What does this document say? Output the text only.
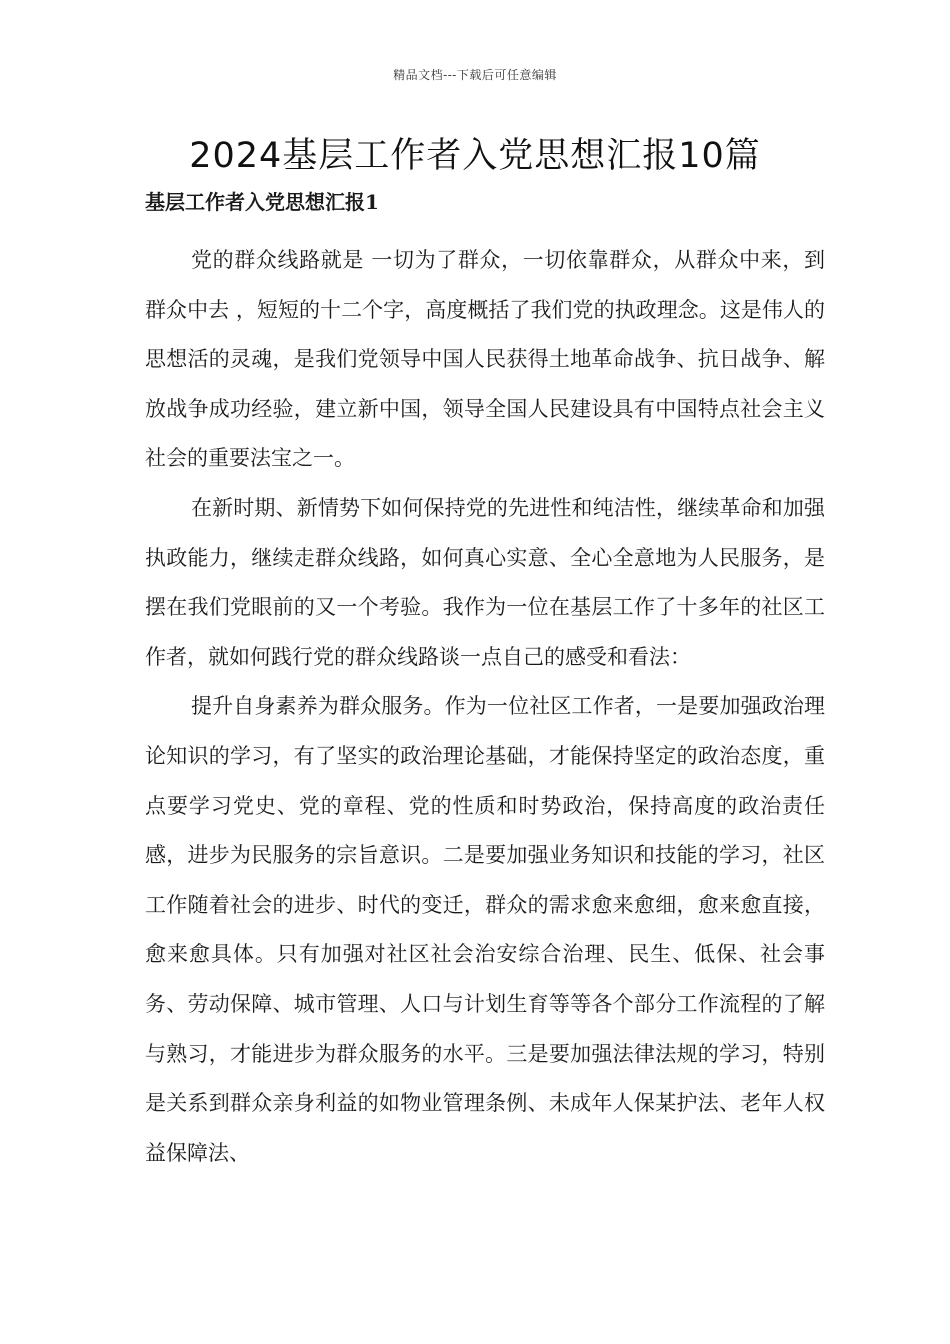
精品文档---下载后可任意编辑
2024基层工作者入党思想汇报10篇
基层工作者入党思想汇报1

党的群众线路就是 一切为了群众，一切依靠群众，从群众中来，到群众中去 ，短短的十二个字，高度概括了我们党的执政理念。这是伟人的思想活的灵魂，是我们党领导中国人民获得土地革命战争、抗日战争、解放战争成功经验，建立新中国，领导全国人民建设具有中国特点社会主义社会的重要法宝之一。

在新时期、新情势下如何保持党的先进性和纯洁性，继续革命和加强执政能力，继续走群众线路，如何真心实意、全心全意地为人民服务，是摆在我们党眼前的又一个考验。我作为一位在基层工作了十多年的社区工作者，就如何践行党的群众线路谈一点自己的感受和看法：

提升自身素养为群众服务。作为一位社区工作者，一是要加强政治理论知识的学习，有了坚实的政治理论基础，才能保持坚定的政治态度，重点要学习党史、党的章程、党的性质和时势政治，保持高度的政治责任感，进步为民服务的宗旨意识。二是要加强业务知识和技能的学习，社区工作随着社会的进步、时代的变迁，群众的需求愈来愈细，愈来愈直接，愈来愈具体。只有加强对社区社会治安综合治理、民生、低保、社会事务、劳动保障、城市管理、人口与计划生育等等各个部分工作流程的了解与熟习，才能进步为群众服务的水平。三是要加强法律法规的学习，特别是关系到群众亲身利益的如物业管理条例、未成年人保某护法、老年人权益保障法、
